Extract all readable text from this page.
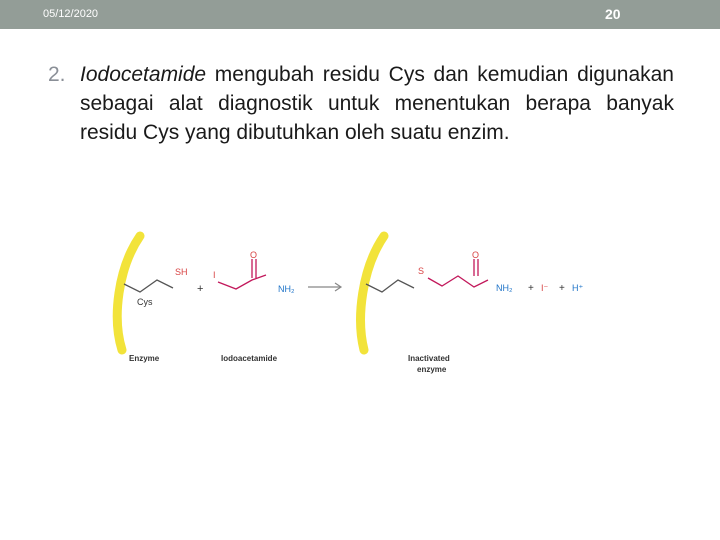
05/12/2020	20
2. Iodocetamide mengubah residu Cys dan kemudian digunakan sebagai alat diagnostik untuk menentukan berapa banyak residu Cys yang dibutuhkan oleh suatu enzim.
SH
Cys
+
I
O
NH₂
S
O
NH₂ + I⁻ + H⁺
Enzyme	Iodoacetamide	Inactivated
enzyme
